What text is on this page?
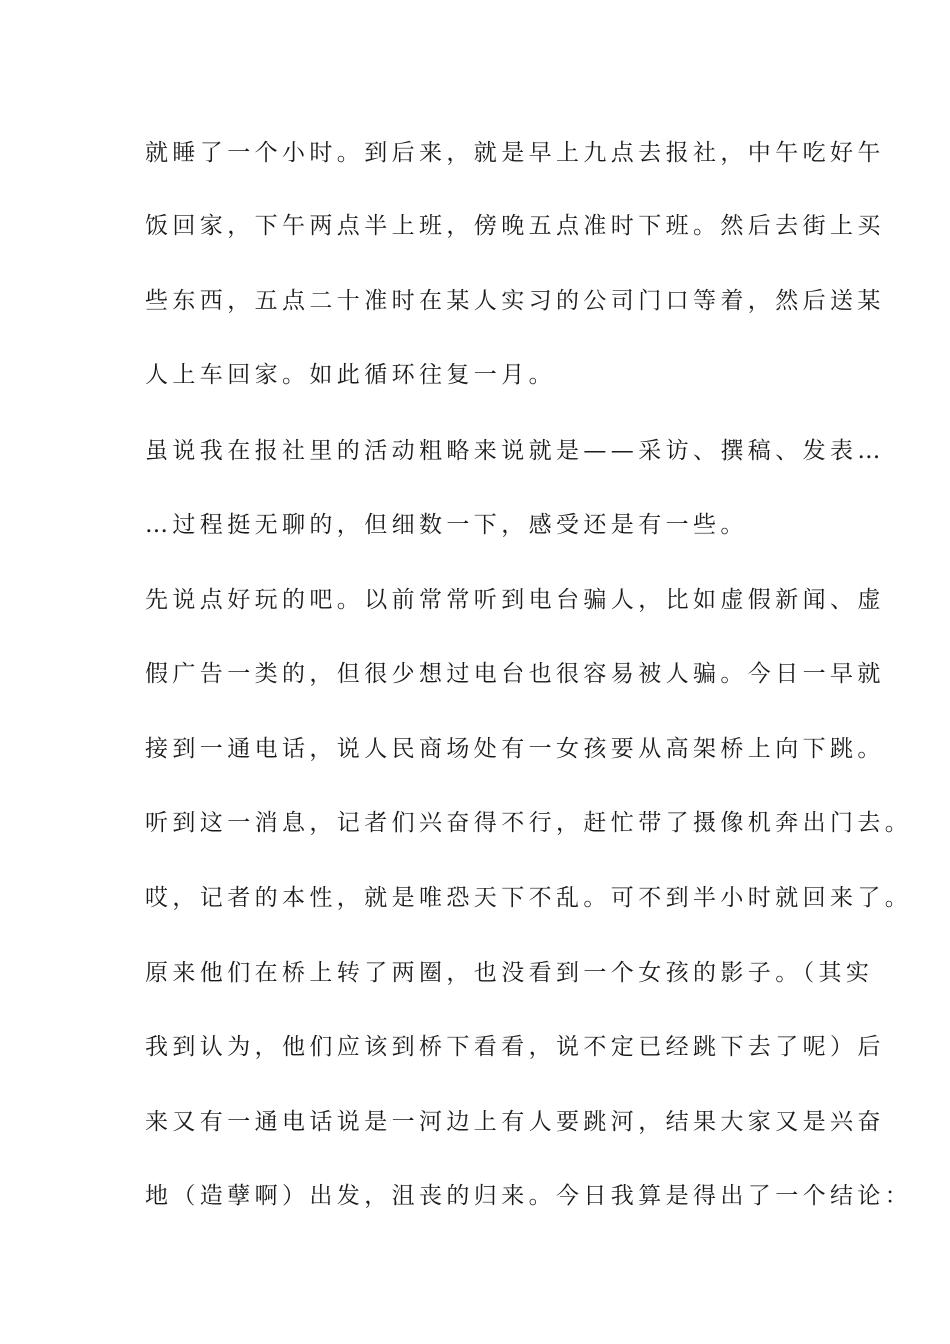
就睡了一个小时。到后来，就是早上九点去报社，中午吃好午
饭回家，下午两点半上班，傍晚五点准时下班。然后去街上买
些东西，五点二十准时在某人实习的公司门口等着，然后送某
人上车回家。如此循环往复一月。
虽说我在报社里的活动粗略来说就是——采访、撰稿、发表…
…过程挺无聊的，但细数一下，感受还是有一些。
先说点好玩的吧。以前常常听到电台骗人，比如虚假新闻、虚
假广告一类的，但很少想过电台也很容易被人骗。今日一早就
接到一通电话，说人民商场处有一女孩要从高架桥上向下跳。
听到这一消息，记者们兴奋得不行，赶忙带了摄像机奔出门去。
哎，记者的本性，就是唯恐天下不乱。可不到半小时就回来了。
原来他们在桥上转了两圈，也没看到一个女孩的影子。（其实
我到认为，他们应该到桥下看看，说不定已经跳下去了呢）后
来又有一通电话说是一河边上有人要跳河，结果大家又是兴奋
地（造孽啊）出发，沮丧的归来。今日我算是得出了一个结论：
